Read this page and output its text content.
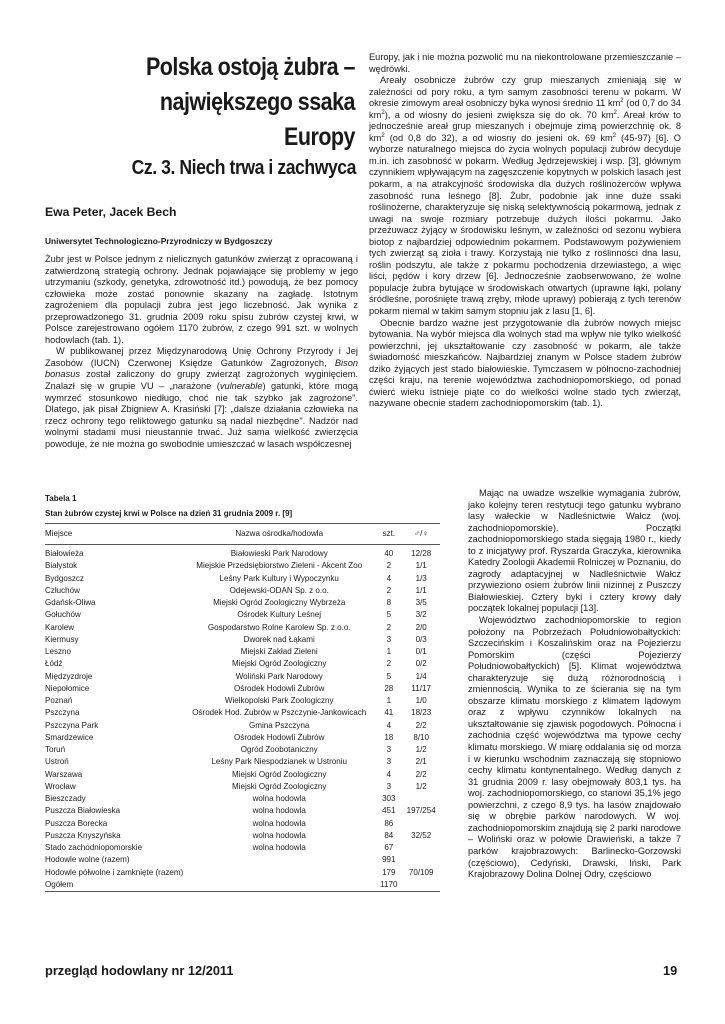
Polska ostoją żubra –
największego ssaka Europy
Cz. 3. Niech trwa i zachwyca
Ewa Peter, Jacek Bech
Uniwersytet Technologiczno-Przyrodniczy w Bydgoszczy

Żubr jest w Polsce jednym z nielicznych gatunków zwierząt z opracowaną i zatwierdzoną strategią ochrony. Jednak pojawiające się problemy w jego utrzymaniu (szkody, genetyka, zdrowotność itd.) powodują, że bez pomocy człowieka może zostać ponownie skazany na zagładę. Istotnym zagrożeniem dla populacji żubra jest jego liczebność. Jak wynika z przeprowadzonego 31. grudnia 2009 roku spisu żubrów czystej krwi, w Polsce zarejestrowano ogółem 1170 żubrów, z czego 991 szt. w wolnych hodowlach (tab. 1).

W publikowanej przez Międzynarodową Unię Ochrony Przyrody i Jej Zasobów (IUCN) Czerwonej Księdze Gatunków Zagrożonych, Bison bonasus został zaliczony do grupy zwierząt zagrożonych wyginięciem. Znalazł się w grupie VU – „narażone (vulnerable) gatunki, które mogą wymrzeć stosunkowo niedługo, choć nie tak szybko jak zagrożone". Dlatego, jak pisał Zbigniew A. Krasiński [7]: „dalsze działania człowieka na rzecz ochrony tego reliktowego gatunku są nadal niezbędne". Nadzór nad wolnymi stadami musi nieustannie trwać. Już sama wielkość zwierzęcia powoduje, że nie można go swobodnie umieszczać w lasach współczesnej

Europy, jak i nie można pozwolić mu na niekontrolowane przemieszczanie – wędrówki.

Areały osobnicze żubrów czy grup mieszanych zmieniają się w zależności od pory roku, a tym samym zasobności terenu w pokarm. W okresie zimowym areał osobniczy byka wynosi średnio 11 $km^2$ (od 0,7 do 34 $km^2$), a od wiosny do jesieni zwiększa się do ok. 70 $km^2$. Areał krów to jednocześnie areał grup mieszanych i obejmuje zimą powierzchnię ok. 8 $km^2$ (od 0,8 do 32), a od wiosny do jesieni ok. 69 $km^2$ (45-97) [6]. O wyborze naturalnego miejsca do życia wolnych populacji żubrów decyduje m.in. ich zasobność w pokarm. Według Jędrzejewskiej i wsp. [3], głównym czynnikiem wpływającym na zagęszczenie kopytnych w polskich lasach jest pokarm, a na atrakcyjność środowiska dla dużych roślinożerców wpływa zasobność runa leśnego [8]. Żubr, podobnie jak inne duże ssaki roślinożerne, charakteryzuje się niską selektywnością pokarmową, jednak z uwagi na swoje rozmiary potrzebuje dużych ilości pokarmu. Jako przeżuwacz żyjący w środowisku leśnym, w zależności od sezonu wybiera biotop z najbardziej odpowiednim pokarmem. Podstawowym pożywieniem tych zwierząt są zioła i trawy. Korzystają nie tylko z roślinności dna lasu, roślin podszytu, ale także z pokarmu pochodzenia drzewiastego, a więc liści, pędów i kory drzew [6]. Jednocześnie zaobserwowano, że wolne populacje żubra bytujące w środowiskach otwartych (uprawne łąki, polany śródleśne, porośnięte trawą zręby, młode uprawy) pobierają z tych terenów pokarm niemal w takim samym stopniu jak z lasu [1, 6].

Obecnie bardzo ważne jest przygotowanie dla żubrów nowych miejsc bytowania. Na wybór miejsca dla wolnych stad ma wpływ nie tylko wielkość powierzchni, jej ukształtowanie czy zasobność w pokarm, ale także świadomość mieszkańców. Najbardziej znanym w Polsce stadem żubrów dziko żyjących jest stado białowieskie. Tymczasem w północno-zachodniej części kraju, na terenie województwa zachodniopomorskiego, od ponad ćwierć wieku istnieje piąte co do wielkości wolne stado tych zwierząt, nazywane obecnie stadem zachodniopomorskim (tab. 1).

Mając na uwadze wszelkie wymagania żubrów, jako kolejny teren restytucji tego gatunku wybrano lasy wałeckie w Nadleśnictwie Wałcz (woj. zachodniopomorskie). Początki zachodniopomorskiego stada sięgają 1980 r., kiedy to z inicjatywy prof. Ryszarda Graczyka, kierownika Katedry Zoologii Akademii Rolniczej w Poznaniu, do zagrody adaptacyjnej w Nadleśnictwie Wałcz przywieziono osiem żubrów linii nizinnej z Puszczy Białowieskiej. Cztery byki i cztery krowy dały początek lokalnej populacji [13].

Województwo zachodniopomorskie to region położony na Pobrzeżach Południowobałtyckich: Szczecińskim i Koszalińskim oraz na Pojezierzu Pomorskim (części Pojezierzy Południowobałtyckich) [5]. Klimat województwa charakteryzuje się dużą różnorodnością i zmiennością. Wynika to ze ścierania się na tym obszarze klimatu morskiego z klimatem lądowym oraz z wpływu czynników lokalnych na ukształtowanie się zjawisk pogodowych. Północna i zachodnia część województwa ma typowe cechy klimatu morskiego. W miarę oddalania się od morza i w kierunku wschodnim zaznaczają się stopniowo cechy klimatu kontynentalnego. Według danych z 31 grudnia 2009 r. lasy obejmowały 803,1 tys. ha woj. zachodniopomorskiego, co stanowi 35,1% jego powierzchni, z czego 8,9 tys. ha lasów znajdowało się w obrębie parków narodowych. W woj. zachodniopomorskim znajdują się 2 parki narodowe – Woliński oraz w połowie Drawieński, a także 7 parków krajobrazowych: Barlinecko-Gorzowski (częściowo), Cedyński, Drawski, Iński, Park Krajobrazowy Dolina Dolnej Odry, częściowo

Tabela 1
Stan żubrów czystej krwi w Polsce na dzień 31 grudnia 2009 r. [9]
Miejsce	Nazwa ośrodka/hodowla	szt.	♂/♀
Białowieża	Białowieski Park Narodowy	40	12/28
Białystok	Miejskie Przedsiębiorstwo Zieleni - Akcent Zoo	2	1/1
Bydgoszcz	Leśny Park Kultury i Wypoczynku	4	1/3
Człuchów	Odejewski-ODAN Sp. z o.o.	2	1/1
Gdańsk-Oliwa	Miejski Ogród Zoologiczny Wybrzeża	8	3/5
Gołuchów	Ośrodek Kultury Leśnej	5	3/2
Karolew	Gospodarstwo Rolne Karolew Sp. z o.o.	2	2/0
Kiermusy	Dworek nad Łąkami	3	0/3
Leszno	Miejski Zakład Zieleni	1	0/1
Łódź	Miejski Ogród Zoologiczny	2	0/2
Międzyzdroje	Woliński Park Narodowy	5	1/4
Niepołomice	Ośrodek Hodowli Żubrów	28	11/17
Poznań	Wielkopolski Park Zoologiczny	1	1/0
Pszczyna	Ośrodek Hod. Żubrów w Pszczynie-Jankowicach	41	18/23
Pszczyna Park	Gmina Pszczyna	4	2/2
Smardzewice	Ośrodek Hodowli Żubrów	18	8/10
Toruń	Ogród Zoobotaniczny	3	1/2
Ustroń	Leśny Park Niespodzianek w Ustroniu	3	2/1
Warszawa	Miejski Ogród Zoologiczny	4	2/2
Wrocław	Miejski Ogród Zoologiczny	3	1/2
Bieszczady	wolna hodowla	303	
Puszcza Białowieska	wolna hodowla	451	197/254
Puszcza Borecka	wolna hodowla	86	
Puszcza Knyszyńska	wolna hodowla	84	32/52
Stado zachodniopomorskie	wolna hodowla	67	
Hodowle wolne (razem)		991	
Hodowle półwolne i zamknięte (razem)		179	70/109
Ogółem		1170	
przegląd hodowlany nr 12/2011	19
